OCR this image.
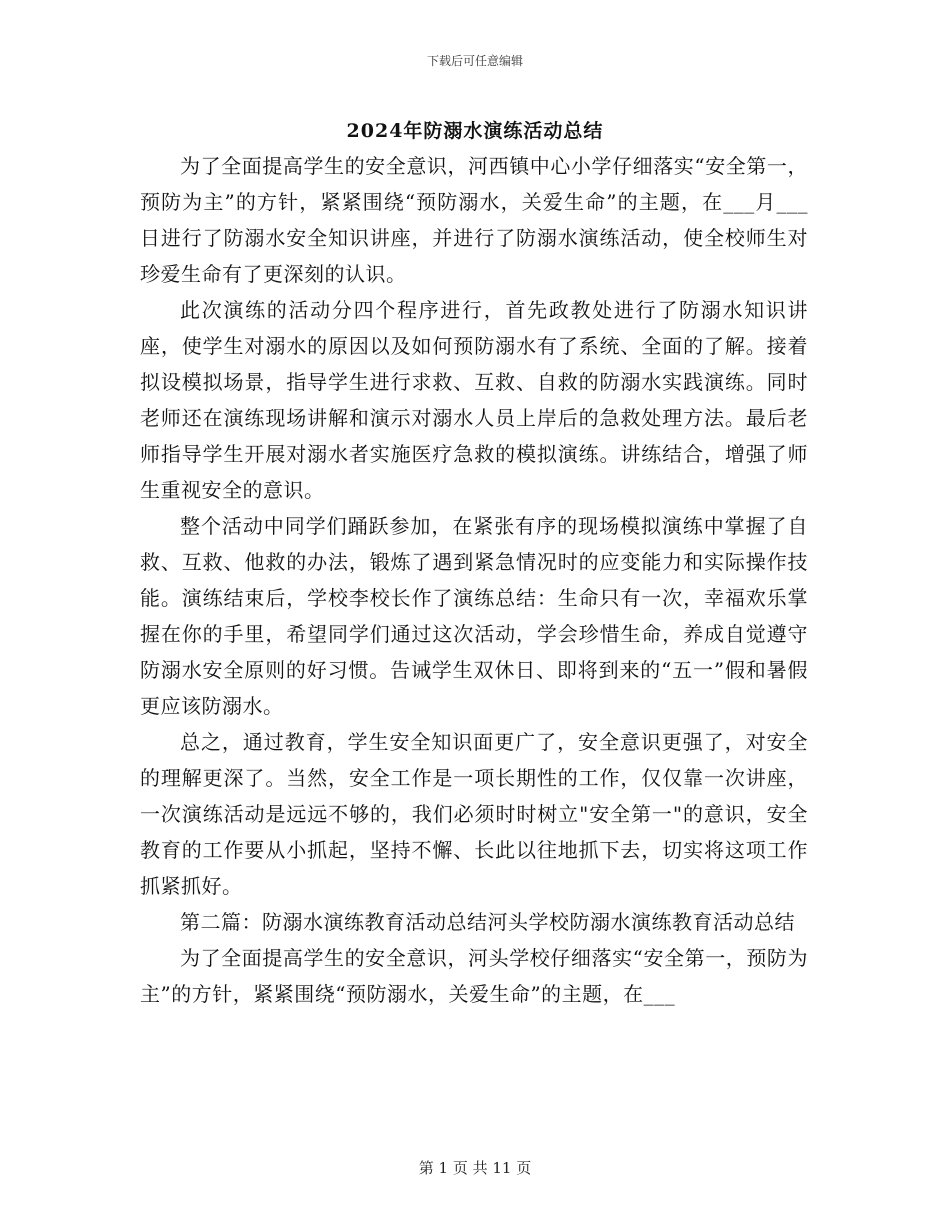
下载后可任意编辑
2024年防溺水演练活动总结

为了全面提高学生的安全意识，河西镇中心小学仔细落实“安全第一，预防为主”的方针，紧紧围绕“预防溺水，关爱生命”的主题，在___月___日进行了防溺水安全知识讲座，并进行了防溺水演练活动，使全校师生对珍爱生命有了更深刻的认识。

此次演练的活动分四个程序进行，首先政教处进行了防溺水知识讲座，使学生对溺水的原因以及如何预防溺水有了系统、全面的了解。接着拟设模拟场景，指导学生进行求救、互救、自救的防溺水实践演练。同时老师还在演练现场讲解和演示对溺水人员上岸后的急救处理方法。最后老师指导学生开展对溺水者实施医疗急救的模拟演练。讲练结合，增强了师生重视安全的意识。

整个活动中同学们踊跃参加，在紧张有序的现场模拟演练中掌握了自救、互救、他救的办法，锻炼了遇到紧急情况时的应变能力和实际操作技能。演练结束后，学校李校长作了演练总结：生命只有一次，幸福欢乐掌握在你的手里，希望同学们通过这次活动，学会珍惜生命，养成自觉遵守防溺水安全原则的好习惯。告诫学生双休日、即将到来的“五一”假和暑假更应该防溺水。

总之，通过教育，学生安全知识面更广了，安全意识更强了，对安全的理解更深了。当然，安全工作是一项长期性的工作，仅仅靠一次讲座，一次演练活动是远远不够的，我们必须时时树立"安全第一"的意识，安全教育的工作要从小抓起，坚持不懈、长此以往地抓下去，切实将这项工作抓紧抓好。

第二篇：防溺水演练教育活动总结河头学校防溺水演练教育活动总结

为了全面提高学生的安全意识，河头学校仔细落实“安全第一，预防为主”的方针，紧紧围绕“预防溺水，关爱生命”的主题，在___

第 1 页 共 11 页
